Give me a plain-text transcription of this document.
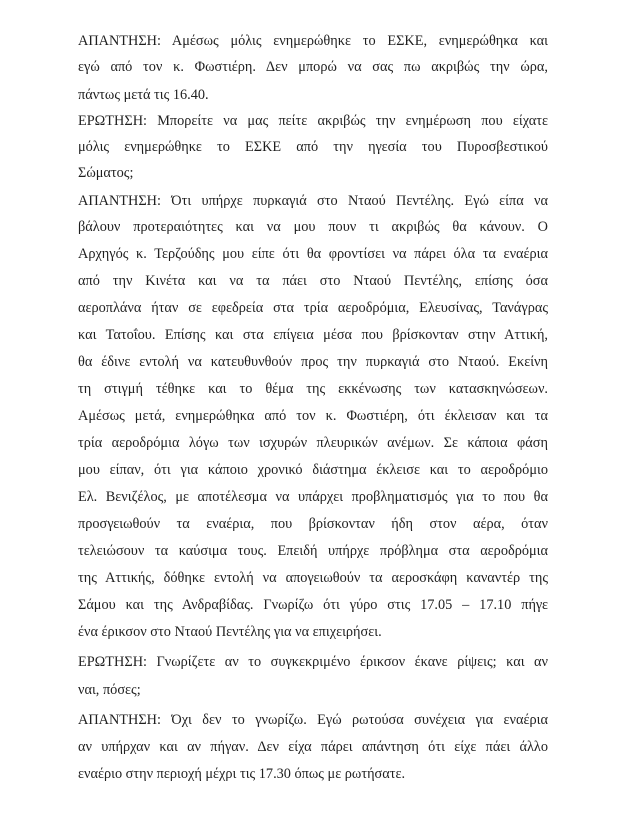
ΑΠΑΝΤΗΣΗ: Αμέσως μόλις ενημερώθηκε το ΕΣΚΕ, ενημερώθηκα και
εγώ από τον κ. Φωστιέρη. Δεν μπορώ να σας πω ακριβώς την ώρα,
πάντως μετά τις 16.40.
ΕΡΩΤΗΣΗ: Μπορείτε να μας πείτε ακριβώς την ενημέρωση που είχατε
μόλις ενημερώθηκε το ΕΣΚΕ από την ηγεσία του Πυροσβεστικού
Σώματος;
ΑΠΑΝΤΗΣΗ: Ότι υπήρχε πυρκαγιά στο Νταού Πεντέλης. Εγώ είπα να
βάλουν προτεραιότητες και να μου πουν τι ακριβώς θα κάνουν. Ο
Αρχηγός κ. Τερζούδης μου είπε ότι θα φροντίσει να πάρει όλα τα εναέρια
από την Κινέτα και να τα πάει στο Νταού Πεντέλης, επίσης όσα
αεροπλάνα ήταν σε εφεδρεία στα τρία αεροδρόμια, Ελευσίνας, Τανάγρας
και Τατοΐου. Επίσης και στα επίγεια μέσα που βρίσκονταν στην Αττική,
θα έδινε εντολή να κατευθυνθούν προς την πυρκαγιά στο Νταού. Εκείνη
τη στιγμή τέθηκε και το θέμα της εκκένωσης των κατασκηνώσεων.
Αμέσως μετά, ενημερώθηκα από τον κ. Φωστιέρη, ότι έκλεισαν και τα
τρία αεροδρόμια λόγω των ισχυρών πλευρικών ανέμων. Σε κάποια φάση
μου είπαν, ότι για κάποιο χρονικό διάστημα έκλεισε και το αεροδρόμιο
Ελ. Βενιζέλος, με αποτέλεσμα να υπάρχει προβληματισμός για το που θα
προσγειωθούν τα εναέρια, που βρίσκονταν ήδη στον αέρα, όταν
τελειώσουν τα καύσιμα τους. Επειδή υπήρχε πρόβλημα στα αεροδρόμια
της Αττικής, δόθηκε εντολή να απογειωθούν τα αεροσκάφη καναντέρ της
Σάμου και της Ανδραβίδας. Γνωρίζω ότι γύρο στις 17.05 – 17.10 πήγε
ένα έρικσον στο Νταού Πεντέλης για να επιχειρήσει.
ΕΡΩΤΗΣΗ: Γνωρίζετε αν το συγκεκριμένο έρικσον έκανε ρίψεις; και αν
ναι, πόσες;
ΑΠΑΝΤΗΣΗ: Όχι δεν το γνωρίζω. Εγώ ρωτούσα συνέχεια για εναέρια
αν υπήρχαν και αν πήγαν. Δεν είχα πάρει απάντηση ότι είχε πάει άλλο
εναέριο στην περιοχή μέχρι τις 17.30 όπως με ρωτήσατε.
